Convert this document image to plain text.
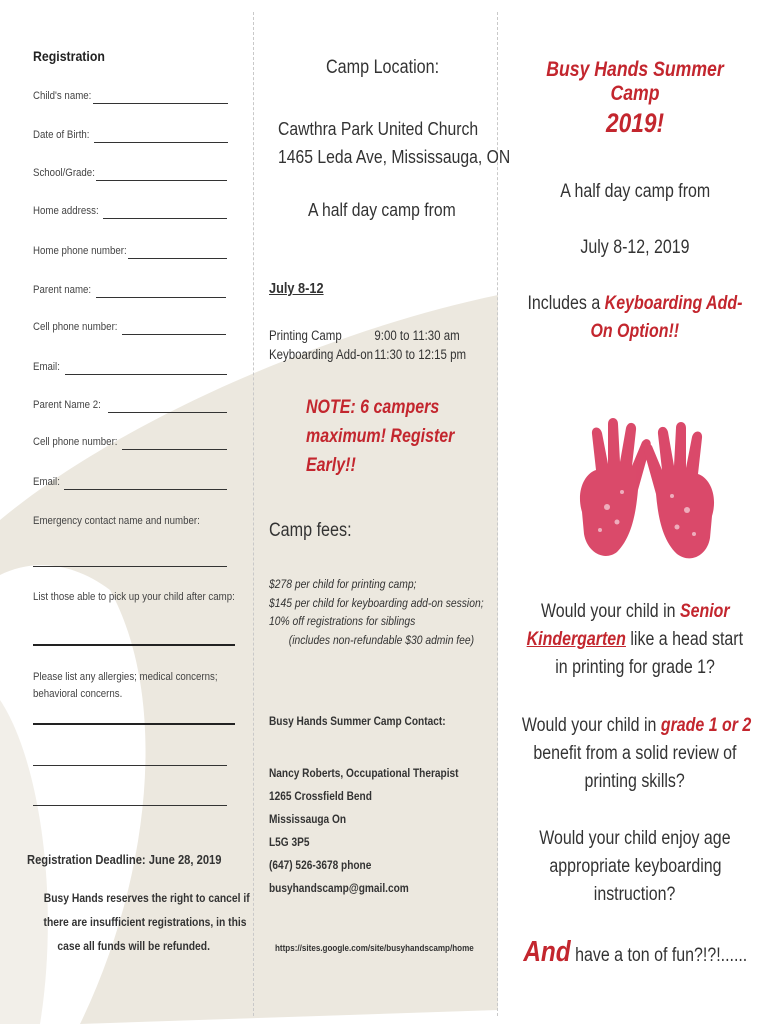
Registration
Child's name:
Date of Birth:
School/Grade:
Home address:
Home phone number:
Parent name:
Cell phone number:
Email:
Parent Name 2:
Cell phone number:
Email:
Emergency contact name and number:
List those able to pick up your child after camp:
Please list any allergies; medical concerns;
behavioral concerns.
Registration Deadline: June 28, 2019
Busy Hands reserves the right to cancel if
there are insufficient registrations, in this
case all funds will be refunded.
Camp Location:
Cawthra Park United Church
1465 Leda Ave, Mississauga, ON
A half day camp from
July 8-12
Printing Camp 9:00 to 11:30 am
Keyboarding Add-on 11:30 to 12:15 pm
NOTE: 6 campers
maximum! Register
Early!!
Camp fees:
$278 per child for printing camp;
$145 per child for keyboarding add-on session;
10% off registrations for siblings
(includes non-refundable $30 admin fee)
Busy Hands Summer Camp Contact:
Nancy Roberts, Occupational Therapist
1265 Crossfield Bend
Mississauga On
L5G 3P5
(647) 526-3678 phone
busyhandscamp@gmail.com
https://sites.google.com/site/busyhandscamp/home
Busy Hands Summer Camp
2019!
A half day camp from
July 8-12, 2019
Includes a Keyboarding Add-
On Option!!
Would your child in Senior
Kindergarten like a head start
in printing for grade 1?
Would your child in grade 1 or 2
benefit from a solid review of
printing skills?
Would your child enjoy age
appropriate keyboarding
instruction?
And have a ton of fun?!?!......
